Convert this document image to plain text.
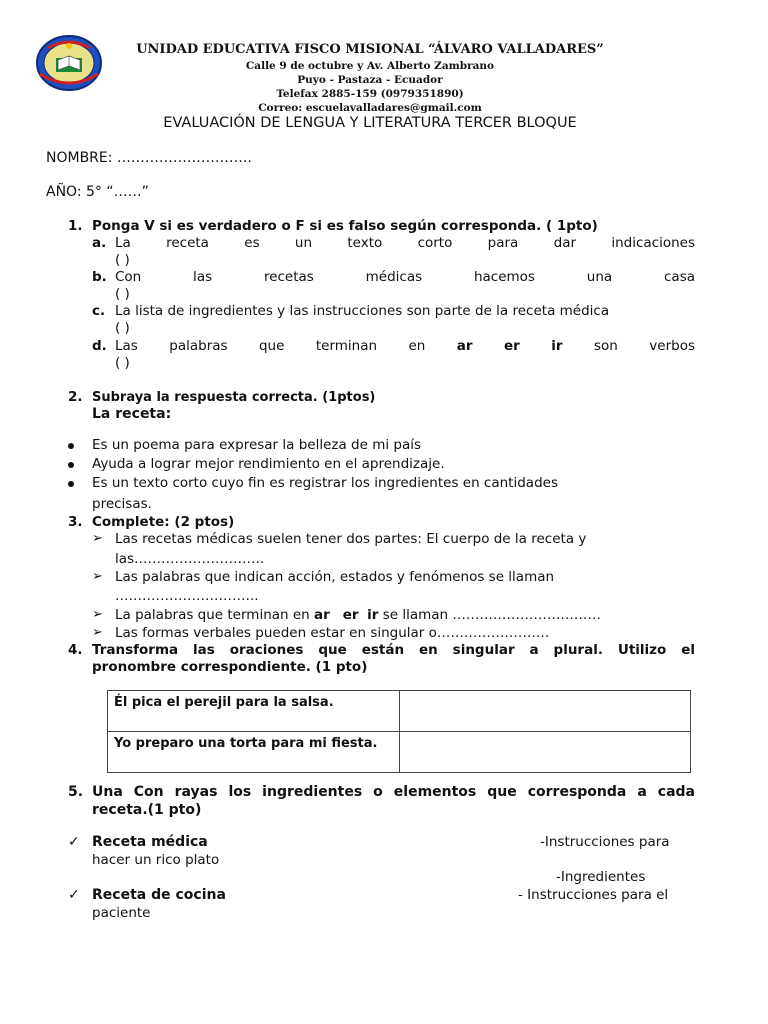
UNIDAD EDUCATIVA FISCO MISIONAL “ÁLVARO VALLADARES”
Calle 9 de octubre y Av. Alberto Zambrano
Puyo - Pastaza - Ecuador
Telefax 2885-159 (0979351890)
Correo: escuelavalladares@gmail.com
EVALUACIÓN DE LENGUA Y LITERATURA TERCER BLOQUE
NOMBRE: ………………………..
AÑO: 5° “……”
1. Ponga V si es verdadero o F si es falso según corresponda. ( 1pto)
a. La receta es un texto corto para dar indicaciones
( )
b. Con las recetas médicas hacemos una casa
( )
c. La lista de ingredientes y las instrucciones son parte de la receta médica
( )
d. Las palabras que terminan en ar er ir son verbos
( )
2. Subraya la respuesta correcta. (1ptos)
La receta:
Es un poema para expresar la belleza de mi país
Ayuda a lograr mejor rendimiento en el aprendizaje.
Es un texto corto cuyo fin es registrar los ingredientes en cantidades
precisas.
3. Complete: (2 ptos)
➢ Las recetas médicas suelen tener dos partes: El cuerpo de la receta y
las………………………..
➢ Las palabras que indican acción, estados y fenómenos se llaman
…………………………..
➢ La palabras que terminan en ar er ir se llaman ……………………………
➢ Las formas verbales pueden estar en singular o…………………….
4. Transforma las oraciones que están en singular a plural. Utilizo el
pronombre correspondiente. (1 pto)
Él pica el perejil para la salsa.	
Yo preparo una torta para mi fiesta.	
5. Una Con rayas los ingredientes o elementos que corresponda a cada
receta.(1 pto)
✓ Receta médica	-Instrucciones para
hacer un rico plato
-Ingredientes
✓ Receta de cocina	- Instrucciones para el
paciente
